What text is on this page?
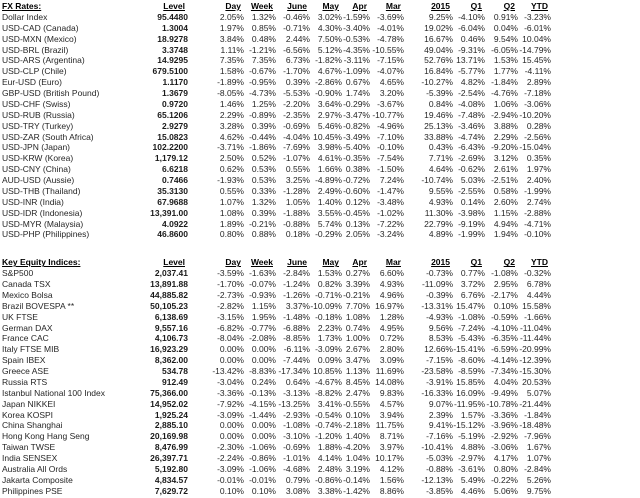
FX Rates:	Level	Day	Week	June	May	Apr	Mar	2015	Q1	Q2	YTD
Dollar Index	95.4480	2.05%	1.32%	-0.46%	3.02%	-1.59%	-3.69%	9.25%	-4.10%	0.91%	-3.23%
USD-CAD (Canada)	1.3004	1.97%	0.85%	-0.71%	4.30%	-3.40%	-4.01%	19.02%	-6.04%	0.04%	-6.01%
USD-MXN (Mexico)	18.9278	3.84%	0.48%	2.44%	7.50%	-0.53%	-4.78%	16.67%	0.46%	9.54%	10.04%
USD-BRL (Brazil)	3.3748	1.11%	-1.21%	-6.56%	5.12%	-4.35%	-10.55%	49.04%	-9.31%	-6.05%	-14.79%
USD-ARS (Argentina)	14.9295	7.35%	7.35%	6.73%	-1.82%	-3.11%	-7.15%	52.76%	13.71%	1.53%	15.45%
USD-CLP (Chile)	679.5100	1.58%	-0.67%	-1.70%	4.67%	-1.09%	-4.07%	16.84%	-5.77%	1.77%	-4.11%
Eur-USD (Euro)	1.1170	-1.89%	-0.95%	0.39%	-2.86%	0.67%	4.65%	-10.27%	4.82%	-1.84%	2.89%
GBP-USD (British Pound)	1.3679	-8.05%	-4.73%	-5.53%	-0.90%	1.74%	3.20%	-5.39%	-2.54%	-4.76%	-7.18%
USD-CHF (Swiss)	0.9720	1.46%	1.25%	-2.20%	3.64%	-0.29%	-3.67%	0.84%	-4.08%	1.06%	-3.06%
USD-RUB (Russia)	65.1206	2.29%	-0.89%	-2.35%	2.97%	-3.47%	-10.77%	19.46%	-7.48%	-2.94%	-10.20%
USD-TRY (Turkey)	2.9279	3.28%	0.39%	-0.69%	5.46%	-0.82%	-4.96%	25.13%	-3.46%	3.88%	0.28%
USD-ZAR (South Africa)	15.0823	4.62%	-0.44%	-4.04%	10.45%	-3.49%	-7.10%	33.88%	-4.74%	2.29%	-2.56%
USD-JPN (Japan)	102.2200	-3.71%	-1.86%	-7.69%	3.98%	-5.40%	-0.10%	0.43%	-6.43%	-9.20%	-15.04%
USD-KRW (Korea)	1,179.12	2.50%	0.52%	-1.07%	4.61%	-0.35%	-7.54%	7.71%	-2.69%	3.12%	0.35%
USD-CNY (China)	6.6218	0.62%	0.53%	0.55%	1.66%	0.38%	-1.50%	4.64%	-0.62%	2.61%	1.97%
AUD-USD (Aussie)	0.7466	-1.93%	0.53%	3.25%	-4.89%	-0.72%	7.24%	-10.74%	5.03%	-2.51%	2.40%
USD-THB (Thailand)	35.3130	0.55%	0.33%	-1.28%	2.49%	-0.60%	-1.47%	9.55%	-2.55%	0.58%	-1.99%
USD-INR (India)	67.9688	1.07%	1.32%	1.05%	1.40%	0.12%	-3.48%	4.93%	0.14%	2.60%	2.74%
USD-IDR (Indonesia)	13,391.00	1.08%	0.39%	-1.88%	3.55%	-0.45%	-1.02%	11.30%	-3.98%	1.15%	-2.88%
USD-MYR (Malaysia)	4.0922	1.89%	-0.21%	-0.88%	5.74%	0.13%	-7.22%	22.79%	-9.19%	4.94%	-4.71%
USD-PHP (Philippines)	46.8600	0.80%	0.88%	0.18%	-0.29%	2.05%	-3.24%	4.89%	-1.99%	1.94%	-0.10%
Key Equity Indices:	Level	Day	Week	June	May	Apr	Mar	2015	Q1	Q2	YTD
S&P500	2,037.41	-3.59%	-1.63%	-2.84%	1.53%	0.27%	6.60%	-0.73%	0.77%	-1.08%	-0.32%
Canada TSX	13,891.88	-1.70%	-0.07%	-1.24%	0.82%	3.39%	4.93%	-11.09%	3.72%	2.95%	6.78%
Mexico Bolsa	44,885.82	-2.73%	-0.93%	-1.26%	-0.71%	-0.21%	4.96%	-0.39%	6.76%	-2.17%	4.44%
Brazil BOVESPA **	50,105.23	-2.82%	1.15%	3.37%	-10.09%	7.70%	16.97%	-13.31%	15.47%	0.10%	15.58%
UK FTSE	6,138.69	-3.15%	1.95%	-1.48%	-0.18%	1.08%	1.28%	-4.93%	-1.08%	-0.59%	-1.66%
German DAX	9,557.16	-6.82%	-0.77%	-6.88%	2.23%	0.74%	4.95%	9.56%	-7.24%	-4.10%	-11.04%
France CAC	4,106.73	-8.04%	-2.08%	-8.85%	1.73%	1.00%	0.72%	8.53%	-5.43%	-6.35%	-11.44%
Italy FTSE MIB	16,923.29	0.00%	0.00%	-6.11%	-3.09%	2.67%	2.80%	12.66%	-15.41%	-6.59%	-20.99%
Spain IBEX	8,362.00	0.00%	0.00%	-7.44%	0.09%	3.47%	3.09%	-7.15%	-8.60%	-4.14%	-12.39%
Greece ASE	534.78	-13.42%	-8.83%	-17.34%	10.85%	1.13%	11.69%	-23.58%	-8.59%	-7.34%	-15.30%
Russia RTS	912.49	-3.04%	0.24%	0.64%	-4.67%	8.45%	14.08%	-3.91%	15.85%	4.04%	20.53%
Istanbul National 100 Index	75,366.00	-3.36%	-0.13%	-3.13%	-8.82%	2.47%	9.83%	-16.33%	16.09%	-9.49%	5.07%
Japan NIKKEI	14,952.02	-7.92%	-4.15%	-13.25%	3.41%	-0.55%	4.57%	9.07%	-11.95%	-10.78%	-21.44%
Korea KOSPI	1,925.24	-3.09%	-1.44%	-2.93%	-0.54%	0.10%	3.94%	2.39%	1.57%	-3.36%	-1.84%
China Shanghai	2,885.10	0.00%	0.00%	-1.08%	-0.74%	-2.18%	11.75%	9.41%	-15.12%	-3.96%	-18.48%
Hong Kong Hang Seng	20,169.98	0.00%	0.00%	-3.10%	-1.20%	1.40%	8.71%	-7.16%	-5.19%	-2.92%	-7.96%
Taiwan TWSE	8,476.99	-2.30%	-1.06%	-0.69%	1.88%	-4.20%	3.97%	-10.41%	4.88%	-3.06%	1.67%
India SENSEX	26,397.71	-2.24%	-0.86%	-1.01%	4.14%	1.04%	10.17%	-5.03%	-2.97%	4.17%	1.07%
Australia All Ords	5,192.80	-3.09%	-1.06%	-4.68%	2.48%	3.19%	4.12%	-0.88%	-3.61%	0.80%	-2.84%
Jakarta Composite	4,834.57	-0.01%	-0.01%	0.79%	-0.86%	-0.14%	1.56%	-12.13%	5.49%	-0.22%	5.26%
Philippines PSE	7,629.72	0.10%	0.10%	3.08%	3.38%	-1.42%	8.86%	-3.85%	4.46%	5.06%	9.75%
